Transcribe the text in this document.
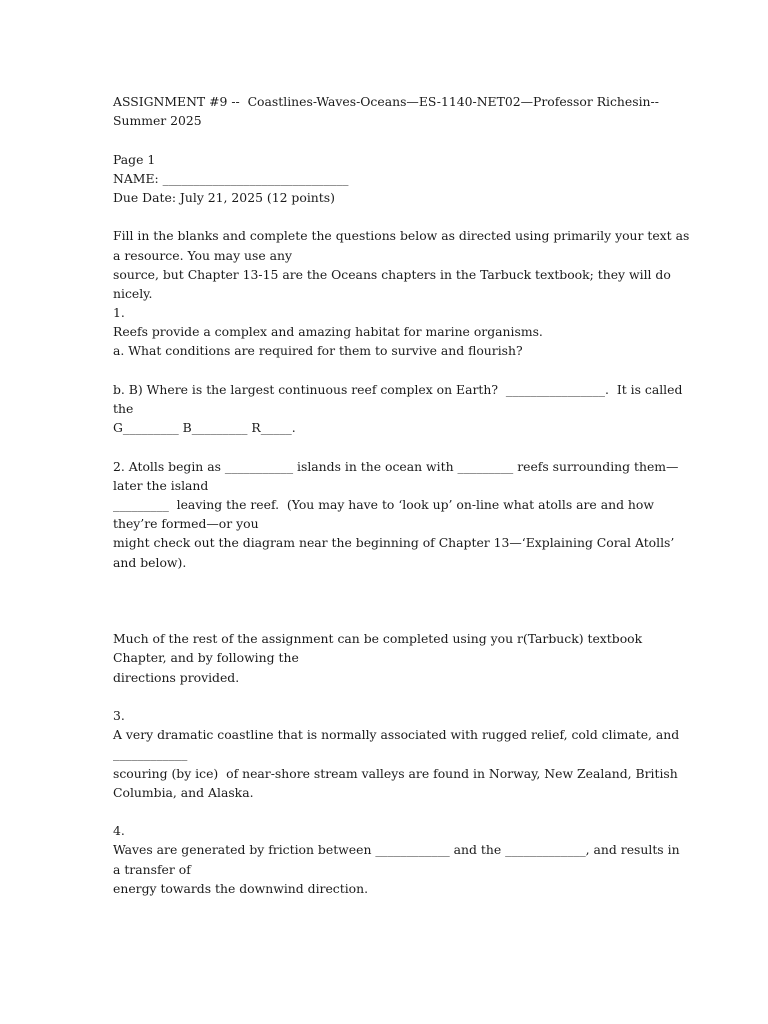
ASSIGNMENT #9 --  Coastlines-Waves-Oceans—ES-1140-NET02—Professor Richesin--
Summer 2025
Page 1
NAME: ______________________________
Due Date: July 21, 2025 (12 points)
Fill in the blanks and complete the questions below as directed using primarily your text as
a resource. You may use any
source, but Chapter 13-15 are the Oceans chapters in the Tarbuck textbook; they will do
nicely.
1.
Reefs provide a complex and amazing habitat for marine organisms.
a. What conditions are required for them to survive and flourish?
b. B) Where is the largest continuous reef complex on Earth?  ________________.  It is called
the
G_________ B_________ R_____.
2. Atolls begin as ___________ islands in the ocean with _________ reefs surrounding them—
later the island
_________  leaving the reef.  (You may have to ‘look up’ on-line what atolls are and how
they’re formed—or you
might check out the diagram near the beginning of Chapter 13—‘Explaining Coral Atolls’
and below).
Much of the rest of the assignment can be completed using you r(Tarbuck) textbook
Chapter, and by following the
directions provided.
3.
A very dramatic coastline that is normally associated with rugged relief, cold climate, and
____________
scouring (by ice)  of near-shore stream valleys are found in Norway, New Zealand, British
Columbia, and Alaska.
4.
Waves are generated by friction between ____________ and the _____________, and results in
a transfer of
energy towards the downwind direction.
